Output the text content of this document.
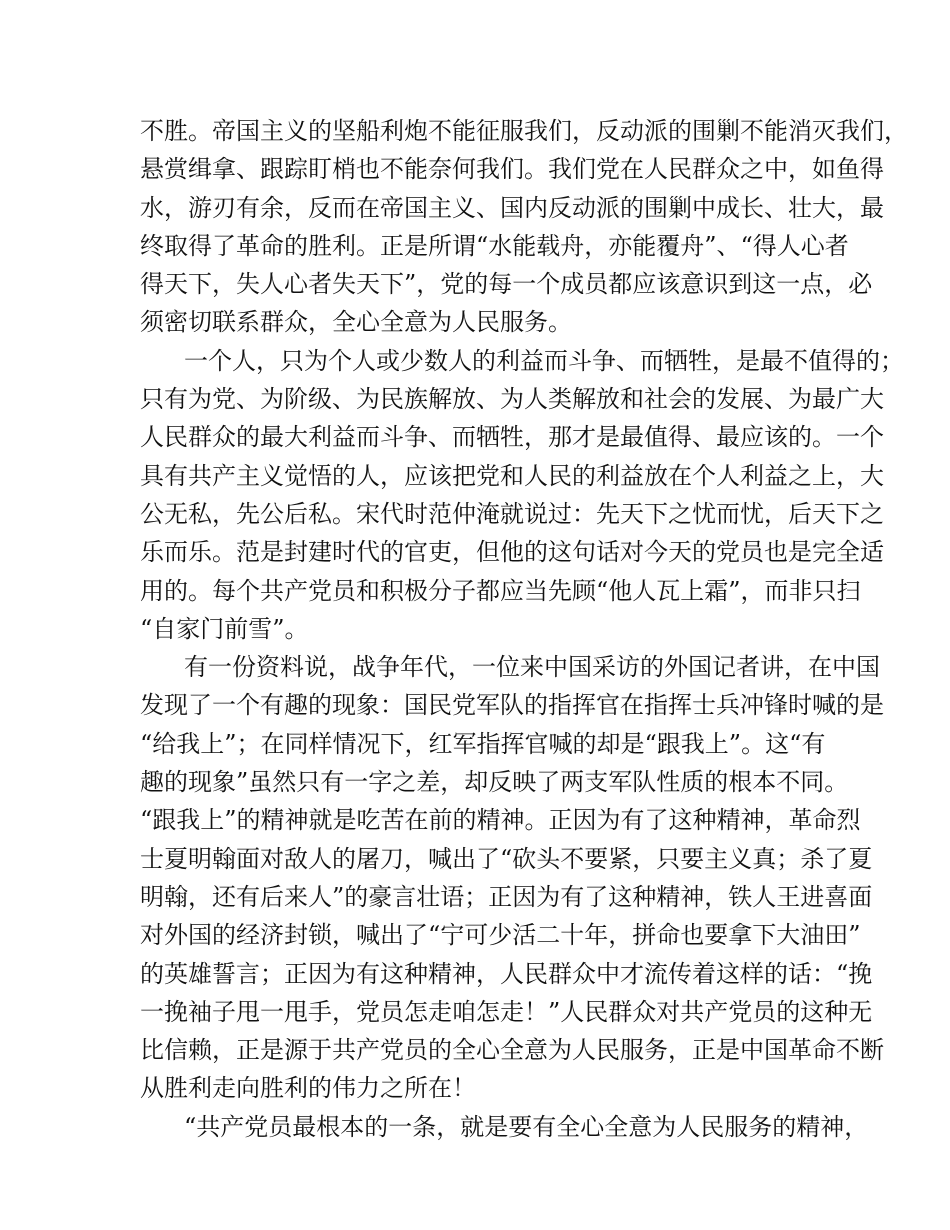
不胜。帝国主义的坚船利炮不能征服我们，反动派的围剿不能消灭我们，
悬赏缉拿、跟踪盯梢也不能奈何我们。我们党在人民群众之中，如鱼得
水，游刃有余，反而在帝国主义、国内反动派的围剿中成长、壮大，最
终取得了革命的胜利。正是所谓“水能载舟，亦能覆舟”、“得人心者
得天下，失人心者失天下”，党的每一个成员都应该意识到这一点，必
须密切联系群众，全心全意为人民服务。
一个人，只为个人或少数人的利益而斗争、而牺牲，是最不值得的；
只有为党、为阶级、为民族解放、为人类解放和社会的发展、为最广大
人民群众的最大利益而斗争、而牺牲，那才是最值得、最应该的。一个
具有共产主义觉悟的人，应该把党和人民的利益放在个人利益之上，大
公无私，先公后私。宋代时范仲淹就说过：先天下之忧而忧，后天下之
乐而乐。范是封建时代的官吏，但他的这句话对今天的党员也是完全适
用的。每个共产党员和积极分子都应当先顾“他人瓦上霜”，而非只扫
“自家门前雪”。
有一份资料说，战争年代，一位来中国采访的外国记者讲，在中国
发现了一个有趣的现象：国民党军队的指挥官在指挥士兵冲锋时喊的是
“给我上”；在同样情况下，红军指挥官喊的却是“跟我上”。这“有
趣的现象”虽然只有一字之差，却反映了两支军队性质的根本不同。
“跟我上”的精神就是吃苦在前的精神。正因为有了这种精神，革命烈
士夏明翰面对敌人的屠刀，喊出了“砍头不要紧，只要主义真；杀了夏
明翰，还有后来人”的豪言壮语；正因为有了这种精神，铁人王进喜面
对外国的经济封锁，喊出了“宁可少活二十年，拼命也要拿下大油田”
的英雄誓言；正因为有这种精神，人民群众中才流传着这样的话：“挽
一挽袖子甩一甩手，党员怎走咱怎走！”人民群众对共产党员的这种无
比信赖，正是源于共产党员的全心全意为人民服务，正是中国革命不断
从胜利走向胜利的伟力之所在！
“共产党员最根本的一条，就是要有全心全意为人民服务的精神，
